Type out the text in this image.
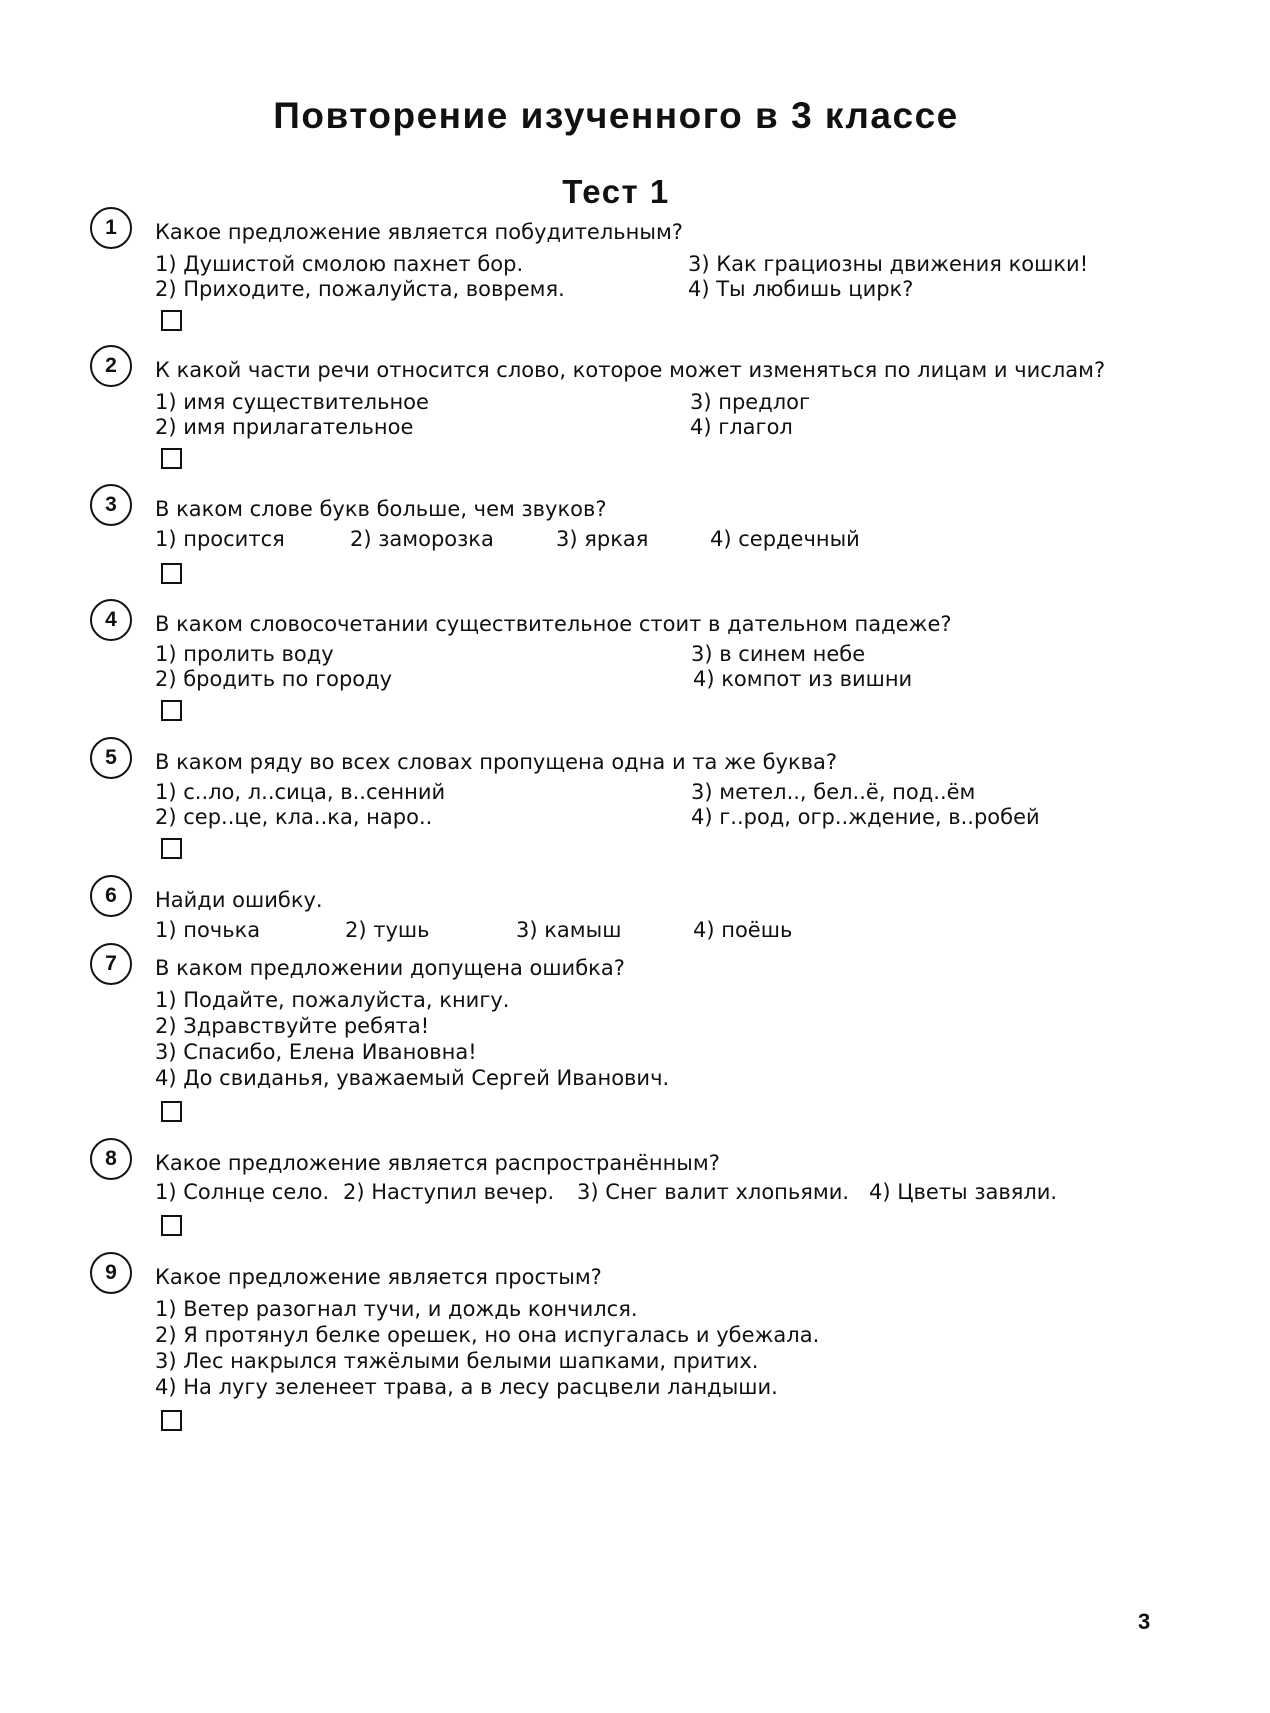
Повторение изученного в 3 классе
Тест 1
1	Какое предложение является побудительным?
1) Душистой смолою пахнет бор.
2) Приходите, пожалуйста, вовремя.
3) Как грациозны движения кошки!
4) Ты любишь цирк?
2	К какой части речи относится слово, которое может изменяться по лицам и числам?
1) имя существительное
2) имя прилагательное
3) предлог
4) глагол
3	В каком слове букв больше, чем звуков?
1) просится	2) заморозка	3) яркая	4) сердечный
4	В каком словосочетании существительное стоит в дательном падеже?
1) пролить воду
2) бродить по городу
3) в синем небе
4) компот из вишни
5	В каком ряду во всех словах пропущена одна и та же буква?
1) с..ло, л..сица, в..сенний
2) сер..це, кла..ка, наро..
3) метел.., бел..ё, под..ём
4) г..род, огр..ждение, в..робей
6	Найди ошибку.
1) почька	2) тушь	3) камыш	4) поёшь
7	В каком предложении допущена ошибка?
1) Подайте, пожалуйста, книгу.
2) Здравствуйте ребята!
3) Спасибо, Елена Ивановна!
4) До свиданья, уважаемый Сергей Иванович.
8	Какое предложение является распространённым?
1) Солнце село. 2) Наступил вечер. 3) Снег валит хлопьями. 4) Цветы завяли.
9	Какое предложение является простым?
1) Ветер разогнал тучи, и дождь кончился.
2) Я протянул белке орешек, но она испугалась и убежала.
3) Лес накрылся тяжёлыми белыми шапками, притих.
4) На лугу зеленеет трава, а в лесу расцвели ландыши.
3
